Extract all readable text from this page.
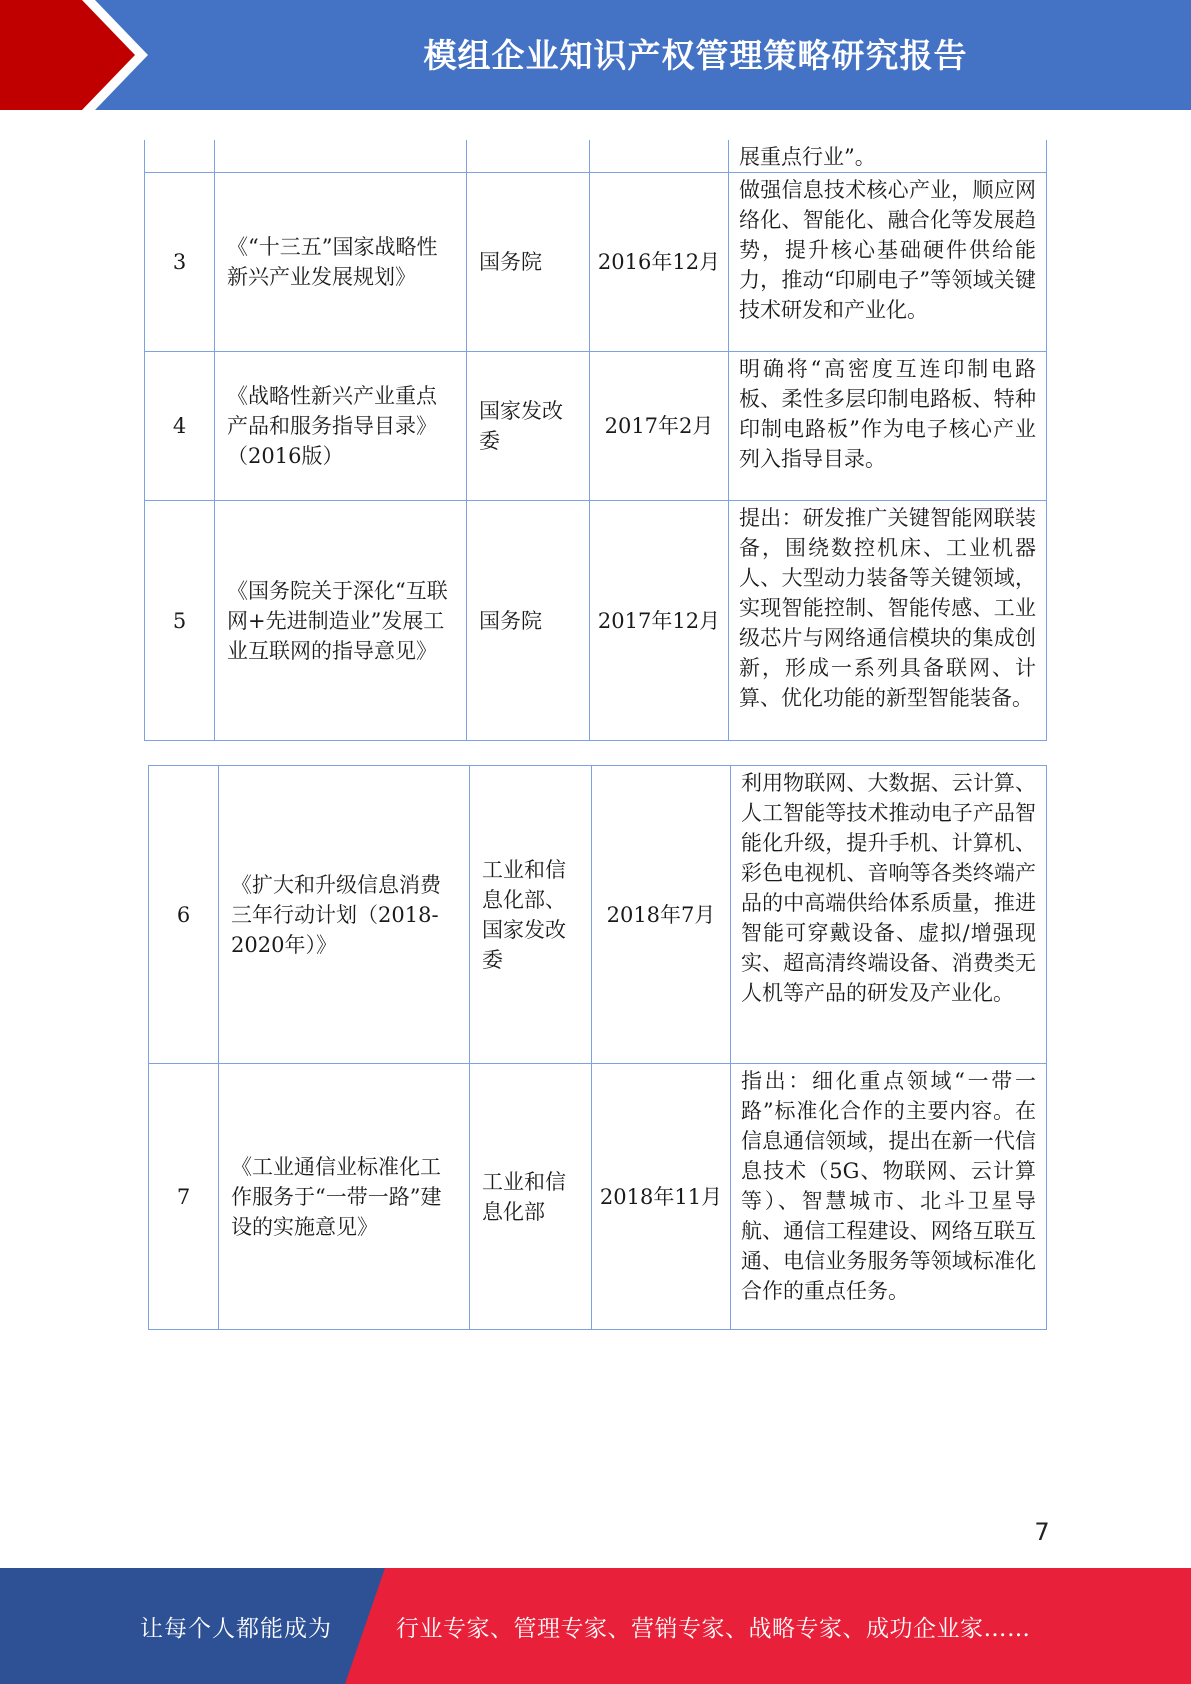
模组企业知识产权管理策略研究报告
				展重点行业”。
3	《“十三五”国家战略性新兴产业发展规划》	国务院	2016年12月	做强信息技术核心产业，顺应网络化、智能化、融合化等发展趋势，提升核心基础硬件供给能力，推动“印刷电子”等领域关键技术研发和产业化。
4	《战略性新兴产业重点产品和服务指导目录》（2016版）	国家发改委	2017年2月	明确将“高密度互连印制电路板、柔性多层印制电路板、特种印制电路板”作为电子核心产业列入指导目录。
5	《国务院关于深化“互联网+先进制造业”发展工业互联网的指导意见》	国务院	2017年12月	提出：研发推广关键智能网联装备，围绕数控机床、工业机器人、大型动力装备等关键领域，实现智能控制、智能传感、工业级芯片与网络通信模块的集成创新，形成一系列具备联网、计算、优化功能的新型智能装备。
6	《扩大和升级信息消费三年行动计划（2018-2020年）》	工业和信息化部、国家发改委	2018年7月	利用物联网、大数据、云计算、人工智能等技术推动电子产品智能化升级，提升手机、计算机、彩色电视机、音响等各类终端产品的中高端供给体系质量，推进智能可穿戴设备、虚拟/增强现实、超高清终端设备、消费类无人机等产品的研发及产业化。
7	《工业通信业标准化工作服务于“一带一路”建设的实施意见》	工业和信息化部	2018年11月	指出：细化重点领域“一带一路”标准化合作的主要内容。在信息通信领域，提出在新一代信息技术（5G、物联网、云计算等）、智慧城市、北斗卫星导航、通信工程建设、网络互联互通、电信业务服务等领域标准化合作的重点任务。
7
让每个人都能成为	行业专家、管理专家、营销专家、战略专家、成功企业家……
